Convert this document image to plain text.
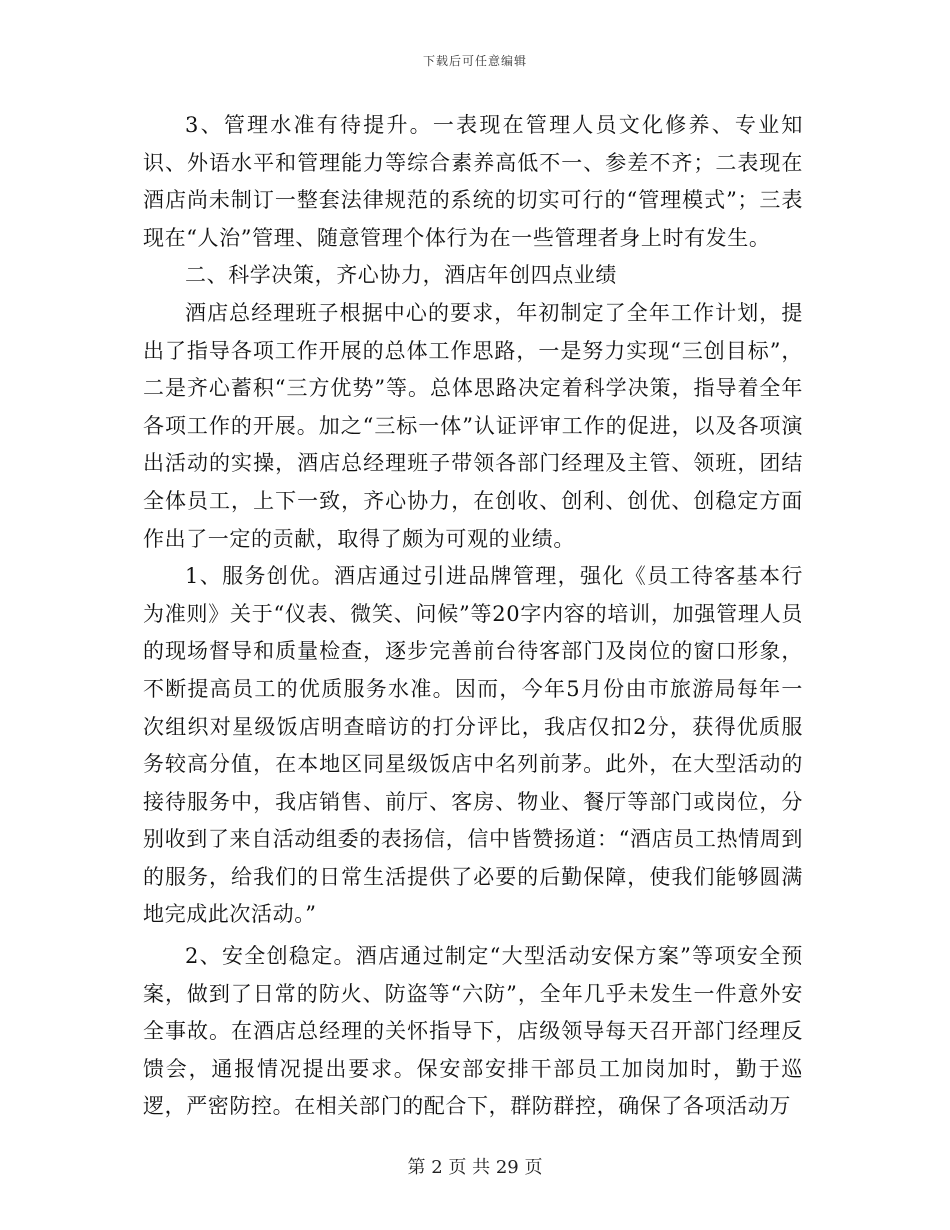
下载后可任意编辑

3、管理水准有待提升。一表现在管理人员文化修养、专业知识、外语水平和管理能力等综合素养高低不一、参差不齐；二表现在酒店尚未制订一整套法律规范的系统的切实可行的“管理模式”；三表现在“人治”管理、随意管理个体行为在一些管理者身上时有发生。

二、科学决策，齐心协力，酒店年创四点业绩

酒店总经理班子根据中心的要求，年初制定了全年工作计划，提出了指导各项工作开展的总体工作思路，一是努力实现“三创目标”，二是齐心蓄积“三方优势”等。总体思路决定着科学决策，指导着全年各项工作的开展。加之“三标一体”认证评审工作的促进，以及各项演出活动的实操，酒店总经理班子带领各部门经理及主管、领班，团结全体员工，上下一致，齐心协力，在创收、创利、创优、创稳定方面作出了一定的贡献，取得了颇为可观的业绩。

1、服务创优。酒店通过引进品牌管理，强化《员工待客基本行为准则》关于“仪表、微笑、问候”等20字内容的培训，加强管理人员的现场督导和质量检查，逐步完善前台待客部门及岗位的窗口形象，不断提高员工的优质服务水准。因而，今年5月份由市旅游局每年一次组织对星级饭店明查暗访的打分评比，我店仅扣2分，获得优质服务较高分值，在本地区同星级饭店中名列前茅。此外，在大型活动的接待服务中，我店销售、前厅、客房、物业、餐厅等部门或岗位，分别收到了来自活动组委的表扬信，信中皆赞扬道：“酒店员工热情周到的服务，给我们的日常生活提供了必要的后勤保障，使我们能够圆满地完成此次活动。”

2、安全创稳定。酒店通过制定“大型活动安保方案”等项安全预案，做到了日常的防火、防盗等“六防”，全年几乎未发生一件意外安全事故。在酒店总经理的关怀指导下，店级领导每天召开部门经理反馈会，通报情况提出要求。保安部安排干部员工加岗加时，勤于巡逻，严密防控。在相关部门的配合下，群防群控，确保了各项活动万

第 2 页 共 29 页
